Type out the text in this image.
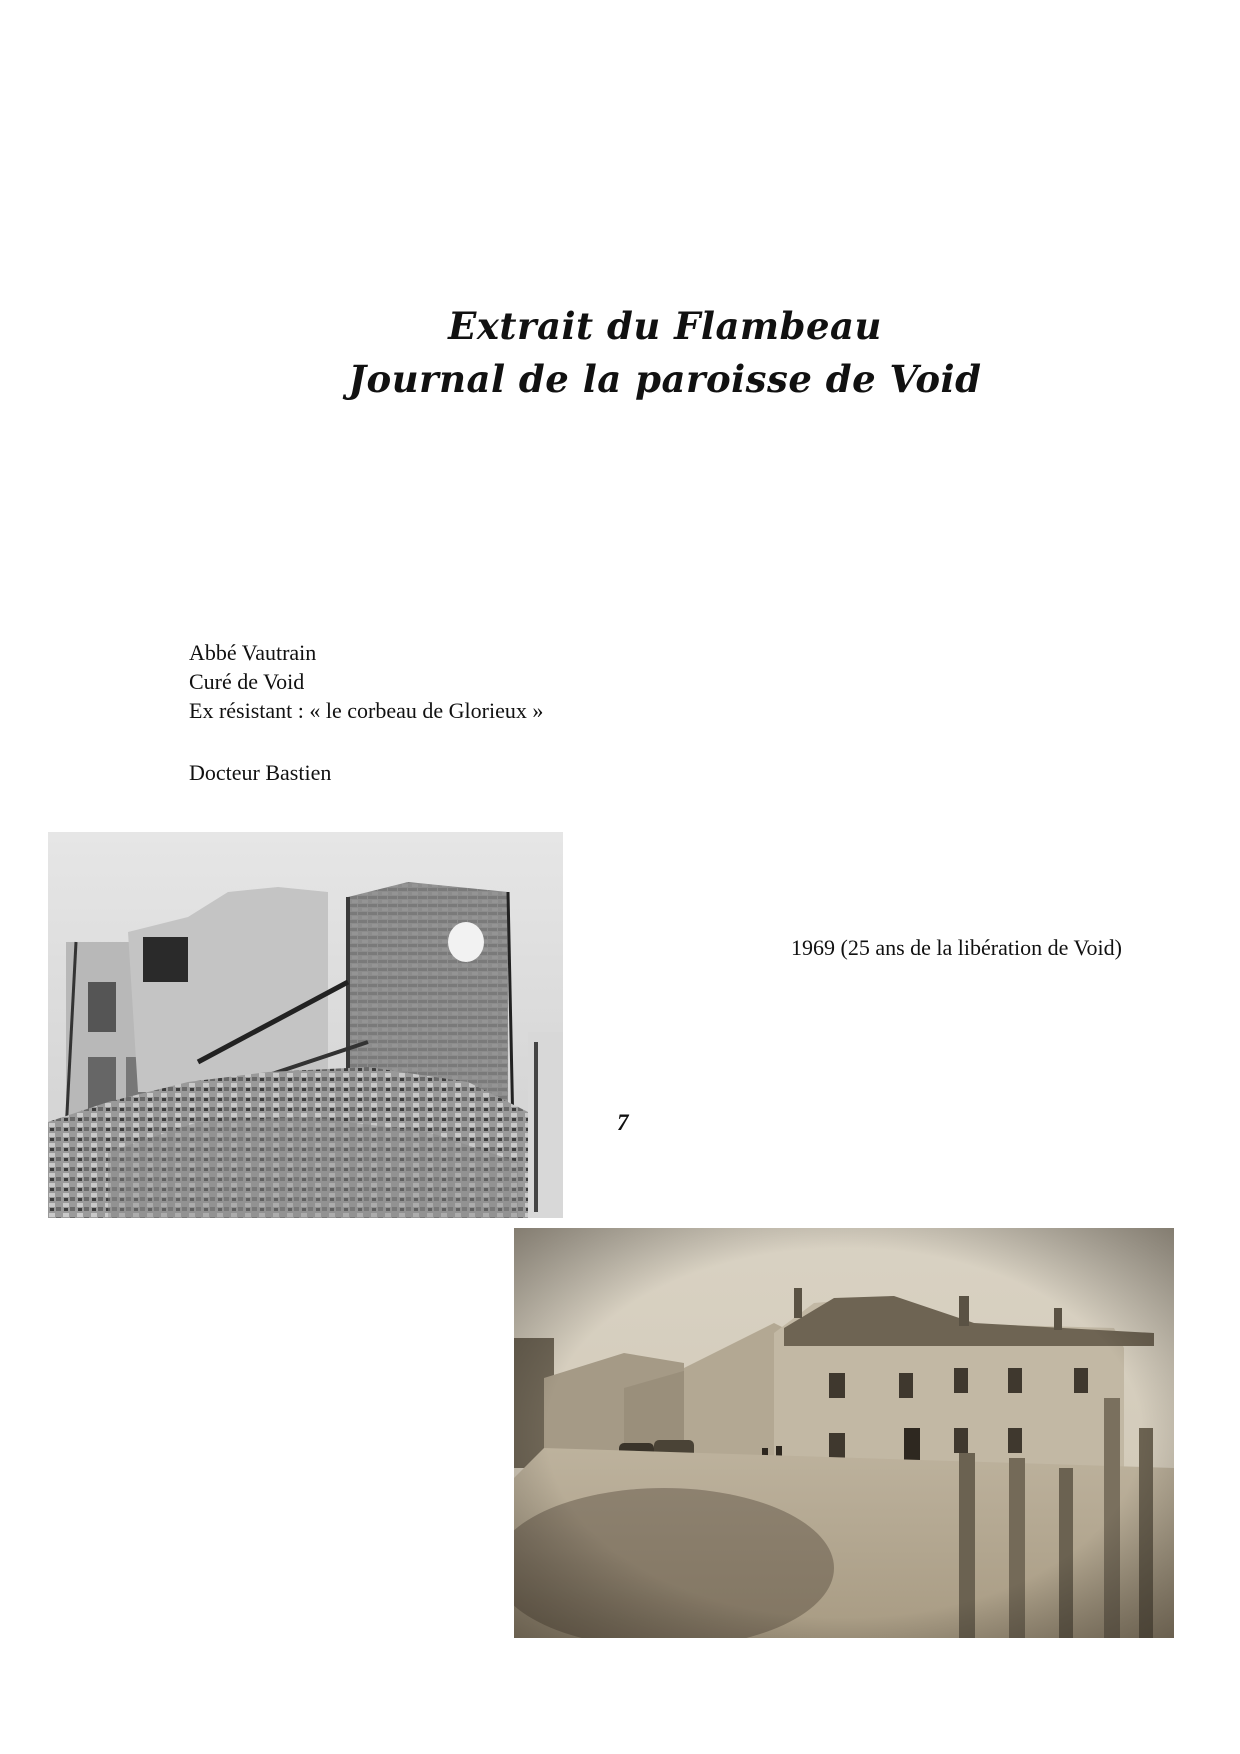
Extrait du Flambeau
Journal de la paroisse de Void
Abbé Vautrain
Curé de Void
Ex résistant : « le corbeau de Glorieux »
Docteur Bastien
1969 (25 ans de la libération de Void)
7
